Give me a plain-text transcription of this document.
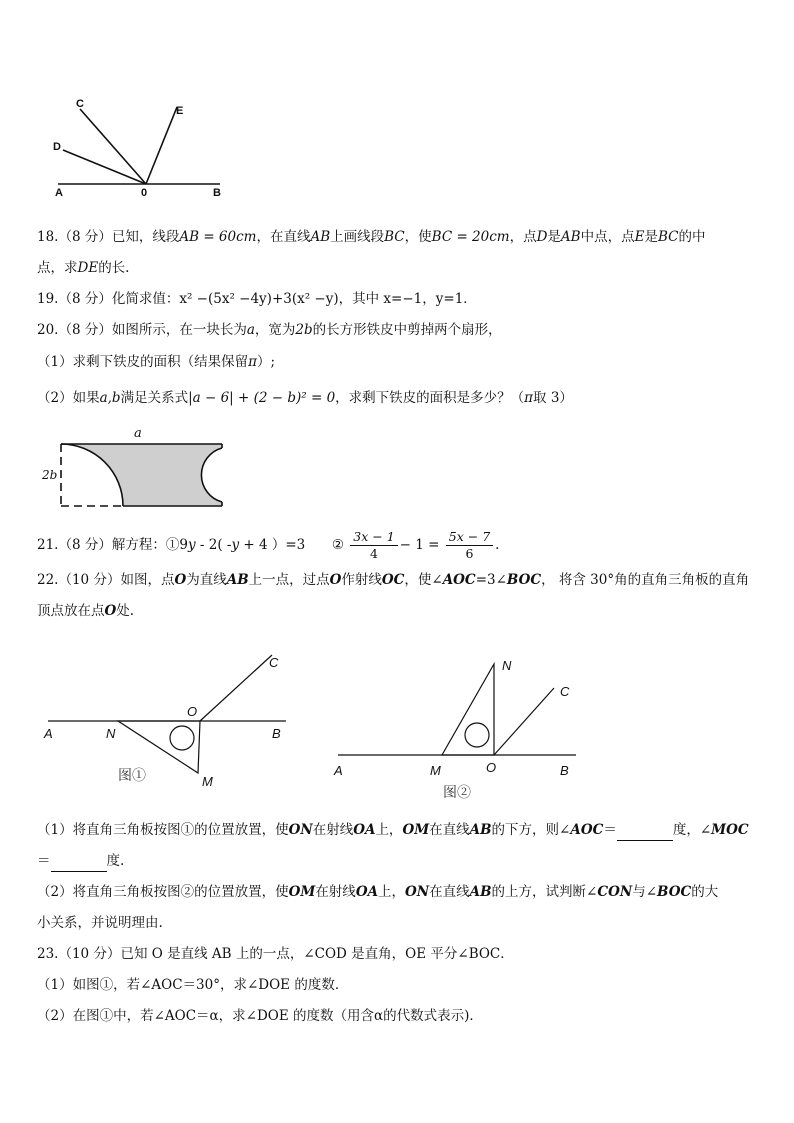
C
D
E
A	0	B
18.（8 分）已知，线段AB = 60cm，在直线AB上画线段BC，使BC = 20cm，点D是AB中点，点E是BC的中
点，求DE的长.
19.（8 分）化简求值：x² −(5x² −4y)+3(x² −y)，其中 x=−1，y=1．
20.（8 分）如图所示，在一块长为a，宽为2b的长方形铁皮中剪掉两个扇形，
（1）求剩下铁皮的面积（结果保留π）;
（2）如果a,b满足关系式|a − 6| + (2 − b)² = 0，求剩下铁皮的面积是多少？（π取 3）
a
2b
21.（8 分）解方程：①9y - 2( -y + 4 ）=3 ② $\frac{3x - 1}{4} - 1 = \frac{5x - 7}{6}$ .
22.（10 分）如图，点O为直线AB上一点，过点O作射线OC，使∠AOC=3∠BOC， 将含 30°角的直角三角板的直角
顶点放在点O处.
C
O
A	N	B
M
图①
N
C
A	M	O	B
图②
（1）将直角三角板按图①的位置放置，使ON在射线OA上，OM在直线AB的下方，则∠AOC＝	度，∠MOC
＝	度.
（2）将直角三角板按图②的位置放置，使OM在射线OA上，ON在直线AB的上方，试判断∠CON与∠BOC的大
小关系，并说明理由.
23.（10 分）已知 O 是直线 AB 上的一点，∠COD 是直角，OE 平分∠BOC．
（1）如图①，若∠AOC＝30°，求∠DOE 的度数．
（2）在图①中，若∠AOC＝α，求∠DOE 的度数（用含α的代数式表示)．
